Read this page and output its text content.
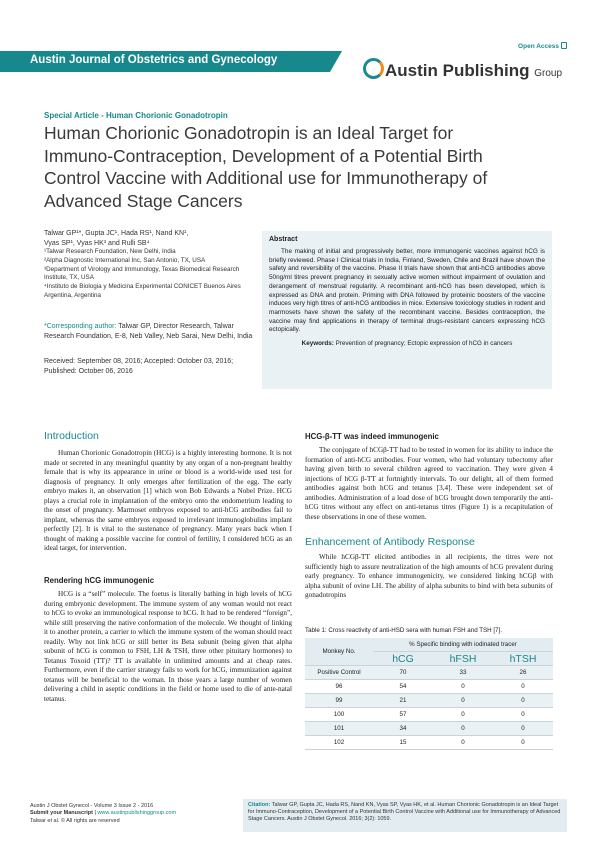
Open Access
Austin Journal of Obstetrics and Gynecology
Austin Publishing Group
Special Article - Human Chorionic Gonadotropin
Human Chorionic Gonadotropin is an Ideal Target for Immuno-Contraception, Development of a Potential Birth Control Vaccine with Additional use for Immunotherapy of Advanced Stage Cancers
Talwar GP¹*, Gupta JC¹, Hada RS¹, Nand KN¹,
Vyas SP¹, Vyas HK³ and Rulli SB⁴
¹Talwar Research Foundation, New Delhi, India
²Alpha Diagnostic International Inc, San Antonio, TX, USA
³Department of Virology and Immunology, Texas Biomedical Research Institute, TX, USA
⁴Instituto de Biologia y Medicina Experimental CONICET Buenos Aires Argentina, Argentina
*Corresponding author: Talwar GP, Director Research, Talwar Research Foundation, E-8, Neb Valley, Neb Sarai, New Delhi, India
Received: September 08, 2016; Accepted: October 03, 2016; Published: October 06, 2016
Abstract

The making of initial and progressively better, more immunogenic vaccines against hCG is briefly reviewed. Phase I Clinical trials in India, Finland, Sweden, Chile and Brazil have shown the safety and reversibility of the vaccine. Phase II trials have shown that anti-hCG antibodies above 50ng/ml titres prevent pregnancy in sexually active women without impairment of ovulation and derangement of menstrual regularity. A recombinant anti-hCG has been developed, which is expressed as DNA and protein. Priming with DNA followed by proteinic boosters of the vaccine induces very high titres of anti-hCG antibodies in mice. Extensive toxicology studies in rodent and marmosets have shown the safety of the recombinant vaccine. Besides contraception, the vaccine may find applications in therapy of terminal drugs-resistant cancers expressing hCG ectopically.

Keywords: Prevention of pregnancy; Ectopic expression of hCG in cancers
Introduction

Human Chorionic Gonadotropin (HCG) is a highly interesting hormone. It is not made or secreted in any meaningful quantity by any organ of a non-pregnant healthy female that is why its appearance in urine or blood is a world-wide used test for diagnosis of pregnancy. It only emerges after fertilization of the egg. The early embryo makes it, an observation [1] which won Bob Edwards a Nobel Prize. HCG plays a crucial role in implantation of the embryo onto the endometrium leading to the onset of pregnancy. Marmoset embryos exposed to anti-hCG antibodies fail to implant, whereas the same embryos exposed to irrelevant immunoglobulins implant perfectly [2]. It is vital to the sustenance of pregnancy. Many years back when I thought of making a possible vaccine for control of fertility, I considered hCG as an ideal target, for intervention.

Rendering hCG immunogenic

HCG is a “self” molecule. The foetus is literally bathing in high levels of hCG during embryonic development. The immune system of any woman would not react to hCG to evoke an immunological response to hCG. It had to be rendered “foreign”, while still preserving the native conformation of the molecule. We thought of linking it to another protein, a carrier to which the immune system of the woman should react readily. Why not link hCG or still better its Beta subunit (being given that alpha subunit of hCG is common to FSH, LH & TSH, three other pituitary hormones) to Tetanus Toxoid (TT)? TT is available in unlimited amounts and at cheap rates. Furthermore, even if the carrier strategy fails to work for hCG, immunization against tetanus will be beneficial to the woman. In those years a large number of women delivering a child in aseptic conditions in the field or home used to die of ante-natal tetanus.

HCG-β-TT was indeed immunogenic

The conjugate of hCGβ-TT had to be tested in women for its ability to induce the formation of anti-hCG antibodies. Four women, who had voluntary tubectomy after having given birth to several children agreed to vaccination. They were given 4 injections of hCG β-TT at fortnightly intervals. To our delight, all of them formed antibodies against both hCG and tetanus [3,4]. These were independent set of antibodies. Administration of a load dose of hCG brought down temporarily the anti-hCG titres without any effect on anti-tetanus titres (Figure 1) is a recapitulation of these observations in one of these women.

Enhancement of Antibody Response

While hCGβ-TT elicited antibodies in all recipients, the titres were not sufficiently high to assure neutralization of the high amounts of hCG prevalent during early pregnancy. To enhance immunogenicity, we considered linking hCGβ with alpha subunit of ovine LH. The ability of alpha subunits to bind with beta subunits of gonadotropins

Table 1: Cross reactivity of anti-HSD sera with human FSH and TSH [7].
Monkey No.	% Specific binding with iodinated tracer		
	hCG	hFSH	hTSH
Positive Control	70	33	26
96	54	0	0
99	21	0	0
100	57	0	0
101	34	0	0
102	15	0	0
Austin J Obstet Gynecol - Volume 3 Issue 2 - 2016
Submit your Manuscript | www.austinpublishinggroup.com
Talwar et al. © All rights are reserved
Citation: Talwar GP, Gupta JC, Hada RS, Nand KN, Vyas SP, Vyas HK, et al. Human Chorionic Gonadotropin is an Ideal Target for Immuno-Contraception, Development of a Potential Birth Control Vaccine with Additional use for Immunotherapy of Advanced Stage Cancers. Austin J Obstet Gynecol. 2016; 3(2): 1059.
